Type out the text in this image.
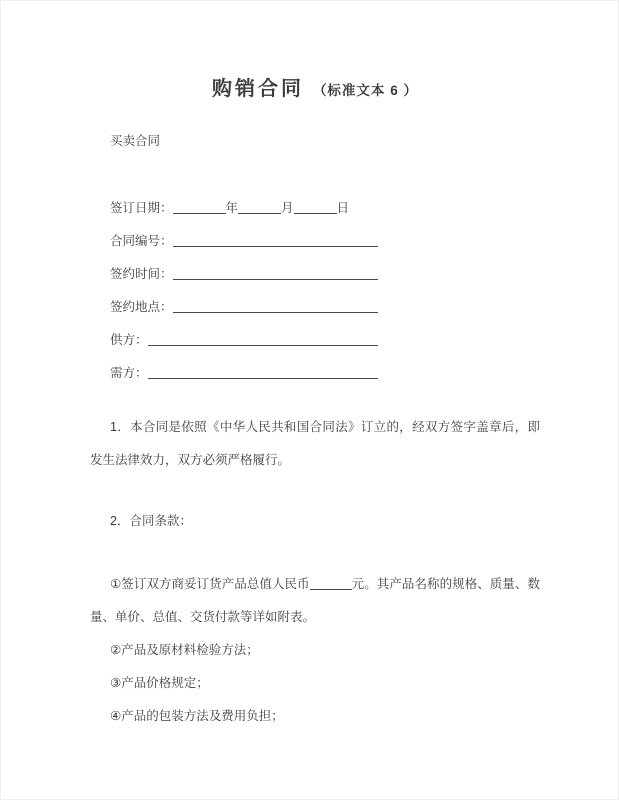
购销合同 （标准文本 6 ）

买卖合同

签订日期：	年	月	日

合同编号：

签约时间：

签约地点：

供方：

需方：

1．本合同是依照《中华人民共和国合同法》订立的，经双方签字盖章后，即发生法律效力，双方必须严格履行。

2．合同条款：

①签订双方商妥订货产品总值人民币	元。其产品名称的规格、质量、数量、单价、总值、交货付款等详如附表。

②产品及原材料检验方法；

③产品价格规定；

④产品的包装方法及费用负担；
